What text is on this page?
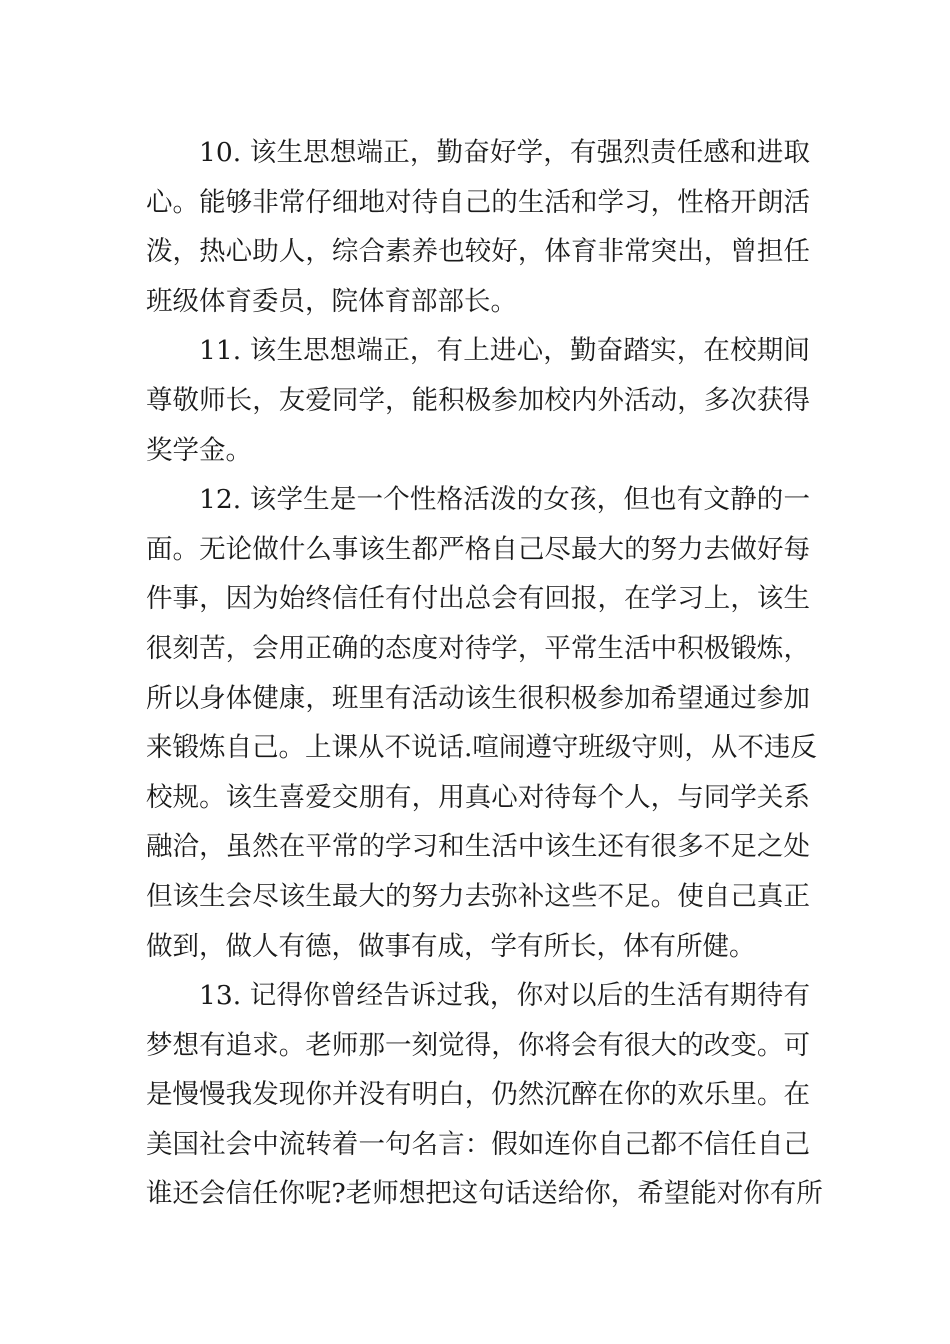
10. 该生思想端正，勤奋好学，有强烈责任感和进取
心。能够非常仔细地对待自己的生活和学习，性格开朗活
泼，热心助人，综合素养也较好，体育非常突出，曾担任
班级体育委员，院体育部部长。
11. 该生思想端正，有上进心，勤奋踏实，在校期间
尊敬师长，友爱同学，能积极参加校内外活动，多次获得
奖学金。
12. 该学生是一个性格活泼的女孩，但也有文静的一
面。无论做什么事该生都严格自己尽最大的努力去做好每
件事，因为始终信任有付出总会有回报，在学习上，该生
很刻苦，会用正确的态度对待学，平常生活中积极锻炼，
所以身体健康，班里有活动该生很积极参加希望通过参加
来锻炼自己。上课从不说话.喧闹遵守班级守则，从不违反
校规。该生喜爱交朋有，用真心对待每个人，与同学关系
融洽，虽然在平常的学习和生活中该生还有很多不足之处
但该生会尽该生最大的努力去弥补这些不足。使自己真正
做到，做人有德，做事有成，学有所长，体有所健。
13. 记得你曾经告诉过我，你对以后的生活有期待有
梦想有追求。老师那一刻觉得，你将会有很大的改变。可
是慢慢我发现你并没有明白，仍然沉醉在你的欢乐里。在
美国社会中流转着一句名言：假如连你自己都不信任自己
谁还会信任你呢?老师想把这句话送给你，希望能对你有所
